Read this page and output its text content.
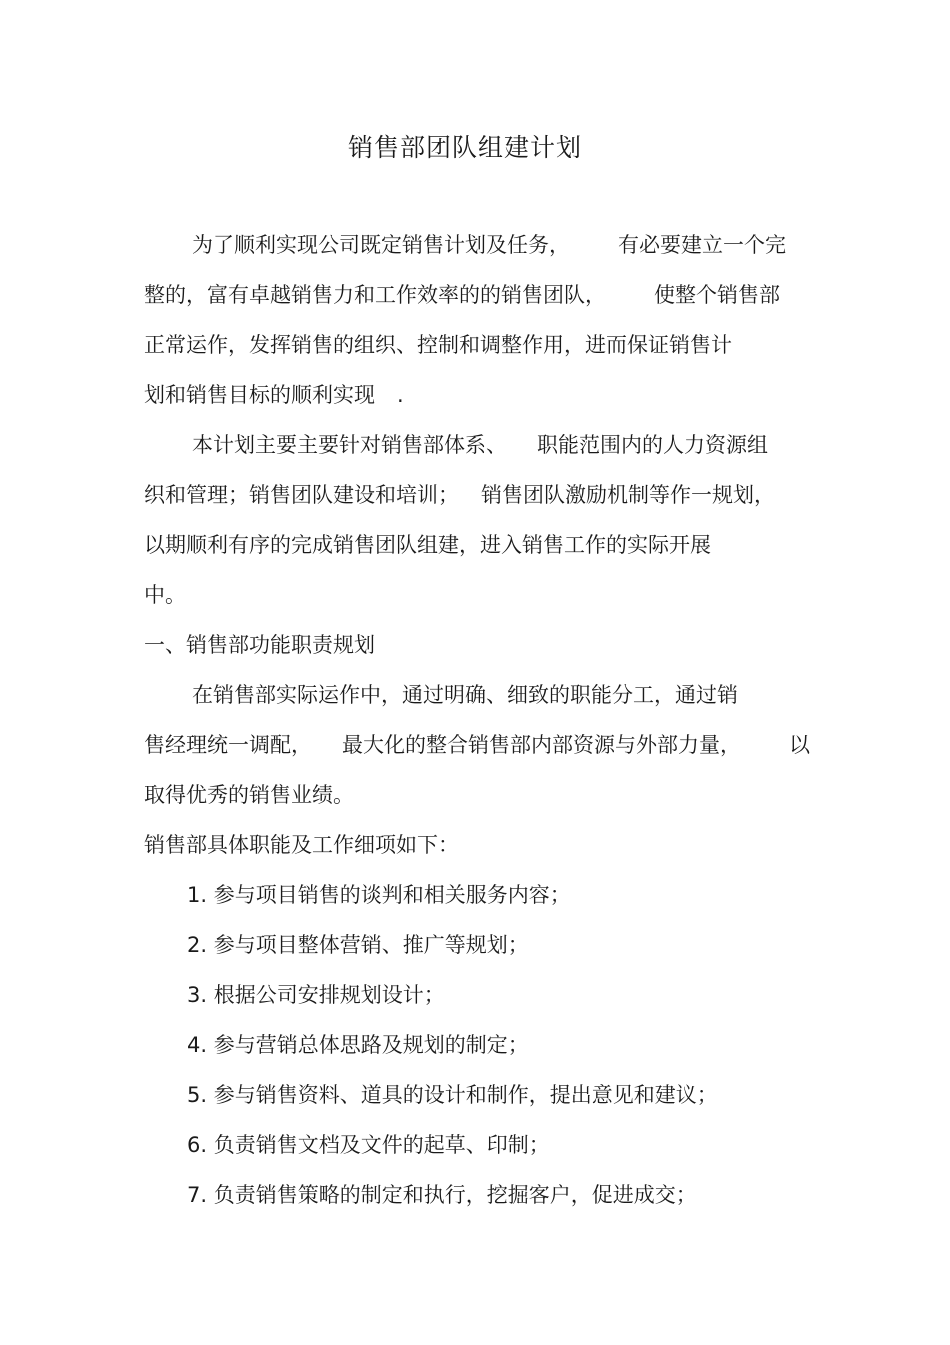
销售部团队组建计划
为了顺利实现公司既定销售计划及任务， 有必要建立一个完
整的，富有卓越销售力和工作效率的的销售团队， 使整个销售部
正常运作，发挥销售的组织、控制和调整作用，进而保证销售计
划和销售目标的顺利实现 .
本计划主要主要针对销售部体系、 职能范围内的人力资源组
织和管理；销售团队建设和培训； 销售团队激励机制等作一规划，
以期顺利有序的完成销售团队组建，进入销售工作的实际开展
中。
一、销售部功能职责规划
在销售部实际运作中，通过明确、细致的职能分工，通过销
售经理统一调配， 最大化的整合销售部内部资源与外部力量， 以
取得优秀的销售业绩。
销售部具体职能及工作细项如下：
1. 参与项目销售的谈判和相关服务内容；
2. 参与项目整体营销、推广等规划；
3. 根据公司安排规划设计；
4. 参与营销总体思路及规划的制定；
5. 参与销售资料、道具的设计和制作，提出意见和建议；
6. 负责销售文档及文件的起草、印制；
7. 负责销售策略的制定和执行，挖掘客户，促进成交；
